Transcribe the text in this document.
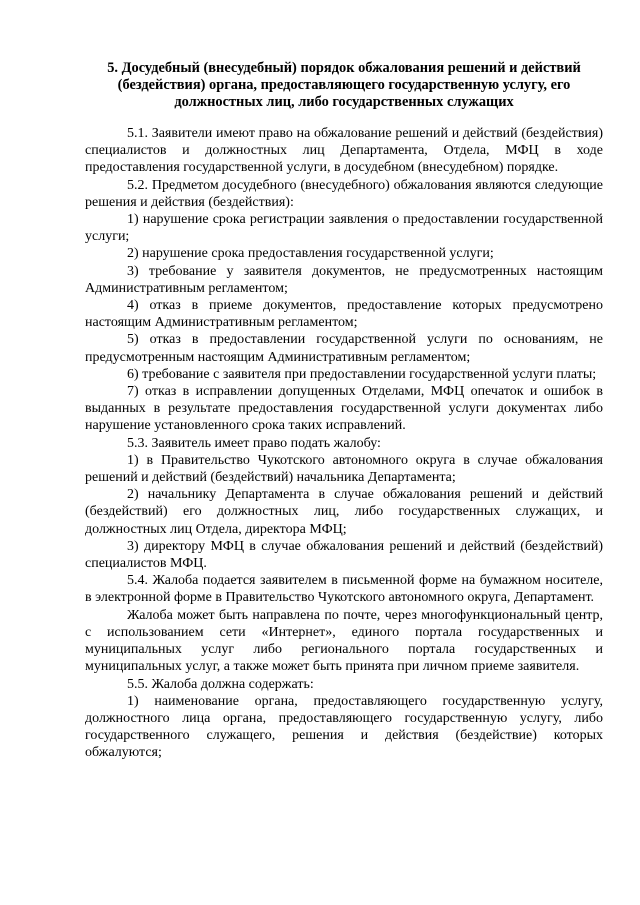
5. Досудебный (внесудебный) порядок обжалования решений и действий (бездействия) органа, предоставляющего государственную услугу, его должностных лиц, либо государственных служащих

5.1. Заявители имеют право на обжалование решений и действий (бездействия) специалистов и должностных лиц Департамента, Отдела, МФЦ в ходе предоставления государственной услуги, в досудебном (внесудебном) порядке.

5.2. Предметом досудебного (внесудебного) обжалования являются следующие решения и действия (бездействия):

1) нарушение срока регистрации заявления о предоставлении государственной услуги;

2) нарушение срока предоставления государственной услуги;

3) требование у заявителя документов, не предусмотренных настоящим Административным регламентом;

4) отказ в приеме документов, предоставление которых предусмотрено настоящим Административным регламентом;

5) отказ в предоставлении государственной услуги по основаниям, не предусмотренным настоящим Административным регламентом;

6) требование с заявителя при предоставлении государственной услуги платы;

7) отказ в исправлении допущенных Отделами, МФЦ опечаток и ошибок в выданных в результате предоставления государственной услуги документах либо нарушение установленного срока таких исправлений.

5.3. Заявитель имеет право подать жалобу:

1) в Правительство Чукотского автономного округа в случае обжалования решений и действий (бездействий) начальника Департамента;

2) начальнику Департамента в случае обжалования решений и действий (бездействий) его должностных лиц, либо государственных служащих, и должностных лиц Отдела, директора МФЦ;

3) директору МФЦ в случае обжалования решений и действий (бездействий) специалистов МФЦ.

5.4. Жалоба подается заявителем в письменной форме на бумажном носителе, в электронной форме в Правительство Чукотского автономного округа, Департамент.

Жалоба может быть направлена по почте, через многофункциональный центр, с использованием сети «Интернет», единого портала государственных и муниципальных услуг либо регионального портала государственных и муниципальных услуг, а также может быть принята при личном приеме заявителя.

5.5. Жалоба должна содержать:

1) наименование органа, предоставляющего государственную услугу, должностного лица органа, предоставляющего государственную услугу, либо государственного служащего, решения и действия (бездействие) которых обжалуются;
